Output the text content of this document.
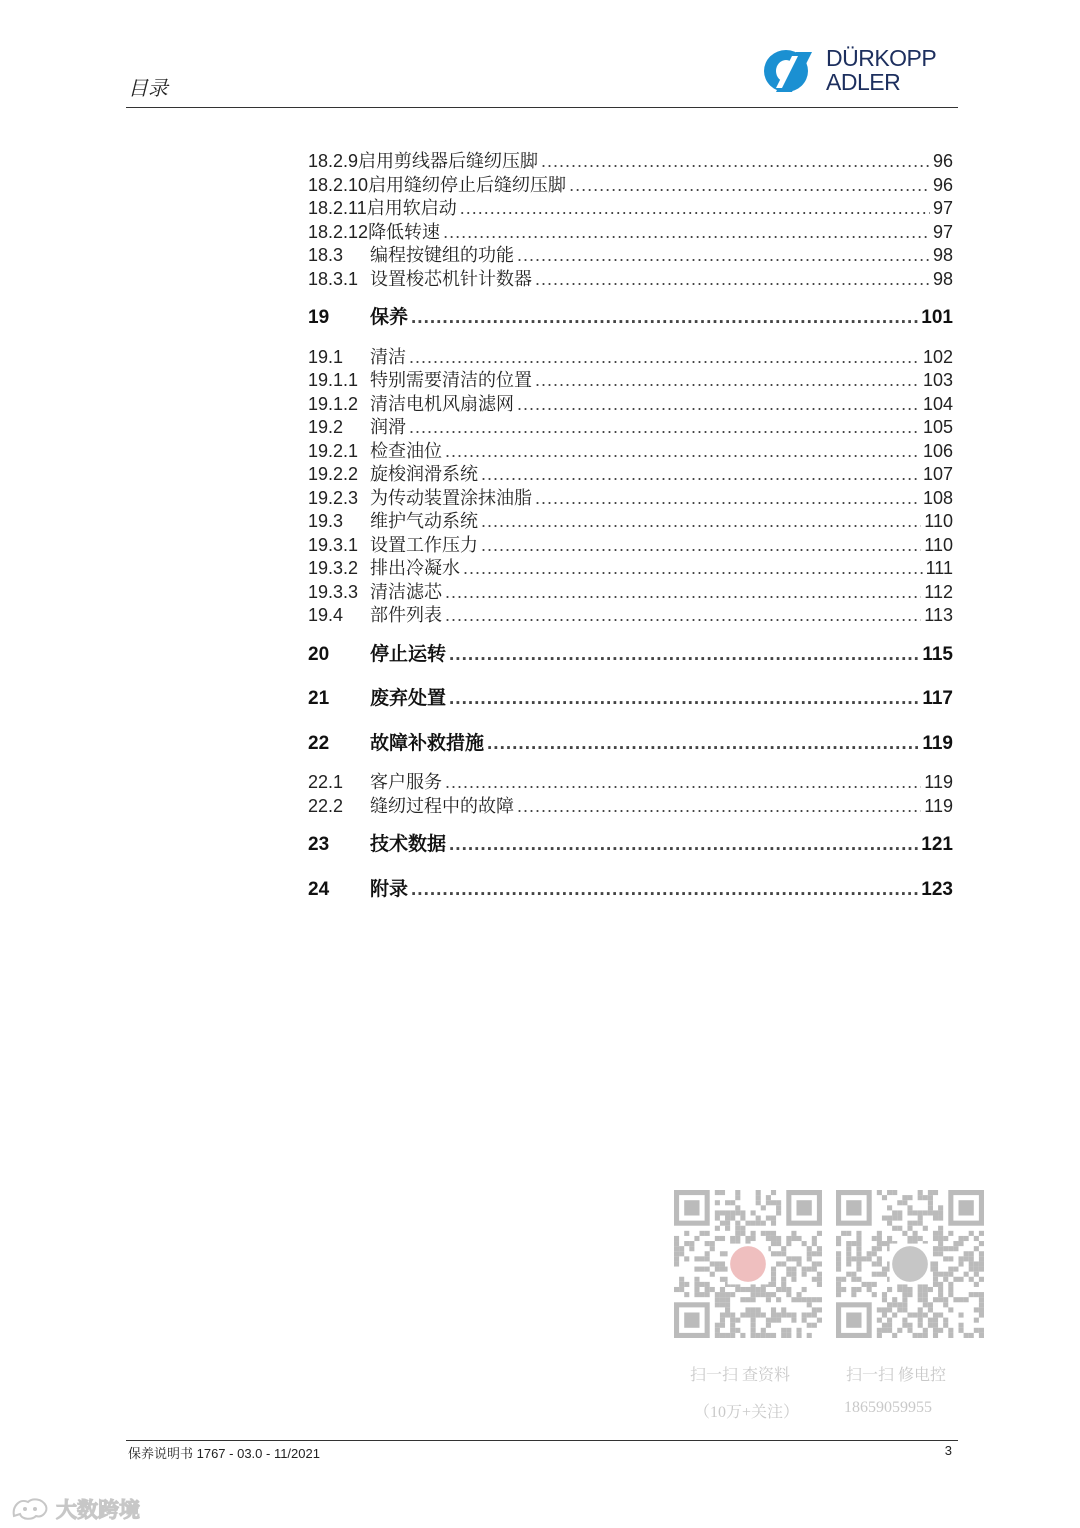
目录
DÜRKOPP
ADLER
18.2.9 启用剪线器后缝纫压脚 .....	96
18.2.10 启用缝纫停止后缝纫压脚 .....	96
18.2.11 启用软启动 .....	97
18.2.12 降低转速 .....	97
18.3	编程按键组的功能 .....	98
18.3.1 设置梭芯机针计数器 .....	98
19	保养 .....	101
19.1	清洁 .....	102
19.1.1 特别需要清洁的位置 .....	103
19.1.2 清洁电机风扇滤网 .....	104
19.2	润滑 .....	105
19.2.1 检查油位 .....	106
19.2.2 旋梭润滑系统 .....	107
19.2.3 为传动装置涂抹油脂 .....	108
19.3	维护气动系统 .....	110
19.3.1 设置工作压力 .....	110
19.3.2 排出冷凝水 .....	111
19.3.3 清洁滤芯 .....	112
19.4	部件列表 .....	113
20	停止运转 .....	115
21	废弃处置 .....	117
22	故障补救措施 .....	119
22.1	客户服务 .....	119
22.2	缝纫过程中的故障 .....	119
23	技术数据 .....	121
24	附录 .....	123
扫一扫 查资料
（10万+关注）
扫一扫 修电控
18659059955
保养说明书 1767 - 03.0 - 11/2021	3
大数跨境
